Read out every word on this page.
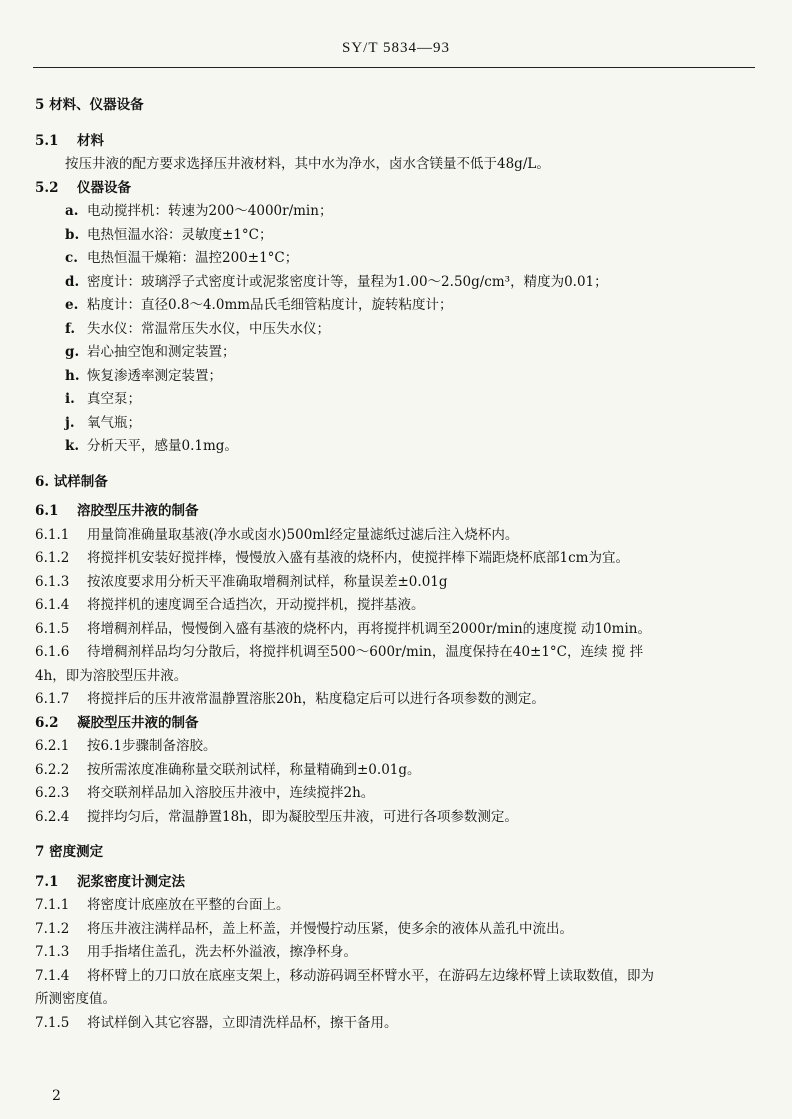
SY/T 5834—93
5 材料、仪器设备
5.1 材料
按压井液的配方要求选择压井液材料，其中水为净水，卤水含镁量不低于48g/L。
5.2 仪器设备
a. 电动搅拌机：转速为200～4000r/min；
b. 电热恒温水浴：灵敏度±1°C；
c. 电热恒温干燥箱：温控200±1°C；
d. 密度计：玻璃浮子式密度计或泥浆密度计等，量程为1.00～2.50g/cm³，精度为0.01；
e. 粘度计：直径0.8～4.0mm品氏毛细管粘度计，旋转粘度计；
f. 失水仪：常温常压失水仪，中压失水仪；
g. 岩心抽空饱和测定装置；
h. 恢复渗透率测定装置；
i. 真空泵；
j. 氧气瓶；
k. 分析天平，感量0.1mg。
6. 试样制备
6.1 溶胶型压井液的制备
6.1.1 用量筒准确量取基液(净水或卤水)500ml经定量滤纸过滤后注入烧杯内。
6.1.2 将搅拌机安装好搅拌棒，慢慢放入盛有基液的烧杯内，使搅拌棒下端距烧杯底部1cm为宜。
6.1.3 按浓度要求用分析天平准确取增稠剂试样，称量误差±0.01g
6.1.4 将搅拌机的速度调至合适挡次，开动搅拌机，搅拌基液。
6.1.5 将增稠剂样品，慢慢倒入盛有基液的烧杯内，再将搅拌机调至2000r/min的速度搅 动10min。
6.1.6 待增稠剂样品均匀分散后，将搅拌机调至500～600r/min，温度保持在40±1°C，连续 搅 拌
4h，即为溶胶型压井液。
6.1.7 将搅拌后的压井液常温静置溶胀20h，粘度稳定后可以进行各项参数的测定。
6.2 凝胶型压井液的制备
6.2.1 按6.1步骤制备溶胶。
6.2.2 按所需浓度准确称量交联剂试样，称量精确到±0.01g。
6.2.3 将交联剂样品加入溶胶压井液中，连续搅拌2h。
6.2.4 搅拌均匀后，常温静置18h，即为凝胶型压井液，可进行各项参数测定。
7 密度测定
7.1 泥浆密度计测定法
7.1.1 将密度计底座放在平整的台面上。
7.1.2 将压井液注满样品杯，盖上杯盖，并慢慢拧动压紧，使多余的液体从盖孔中流出。
7.1.3 用手指堵住盖孔，洗去杯外溢液，擦净杯身。
7.1.4 将杯臂上的刀口放在底座支架上，移动游码调至杯臂水平，在游码左边缘杯臂上读取数值，即为
所测密度值。
7.1.5 将试样倒入其它容器，立即清洗样品杯，擦干备用。
2
